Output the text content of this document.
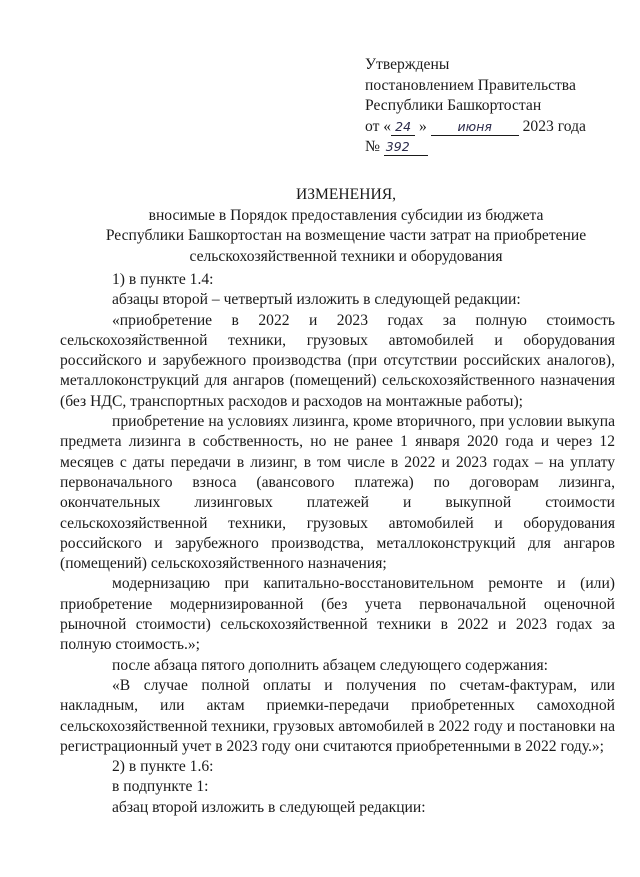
Утверждены
постановлением Правительства
Республики Башкортостан
от « 24 » июня 2023 года
№ 392
ИЗМЕНЕНИЯ,
вносимые в Порядок предоставления субсидии из бюджета
Республики Башкортостан на возмещение части затрат на приобретение
сельскохозяйственной техники и оборудования

1) в пункте 1.4:

абзацы второй – четвертый изложить в следующей редакции:

«приобретение в 2022 и 2023 годах за полную стоимость сельскохозяйственной техники, грузовых автомобилей и оборудования российского и зарубежного производства (при отсутствии российских аналогов), металлоконструкций для ангаров (помещений) сельскохозяйственного назначения (без НДС, транспортных расходов и расходов на монтажные работы);

приобретение на условиях лизинга, кроме вторичного, при условии выкупа предмета лизинга в собственность, но не ранее 1 января 2020 года и через 12 месяцев с даты передачи в лизинг, в том числе в 2022 и 2023 годах – на уплату первоначального взноса (авансового платежа) по договорам лизинга, окончательных лизинговых платежей и выкупной стоимости сельскохозяйственной техники, грузовых автомобилей и оборудования российского и зарубежного производства, металлоконструкций для ангаров (помещений) сельскохозяйственного назначения;

модернизацию при капитально-восстановительном ремонте и (или) приобретение модернизированной (без учета первоначальной оценочной рыночной стоимости) сельскохозяйственной техники в 2022 и 2023 годах за полную стоимость.»;

после абзаца пятого дополнить абзацем следующего содержания:

«В случае полной оплаты и получения по счетам-фактурам, или накладным, или актам приемки-передачи приобретенных самоходной сельскохозяйственной техники, грузовых автомобилей в 2022 году и постановки на регистрационный учет в 2023 году они считаются приобретенными в 2022 году.»;

2) в пункте 1.6:

в подпункте 1:

абзац второй изложить в следующей редакции:
